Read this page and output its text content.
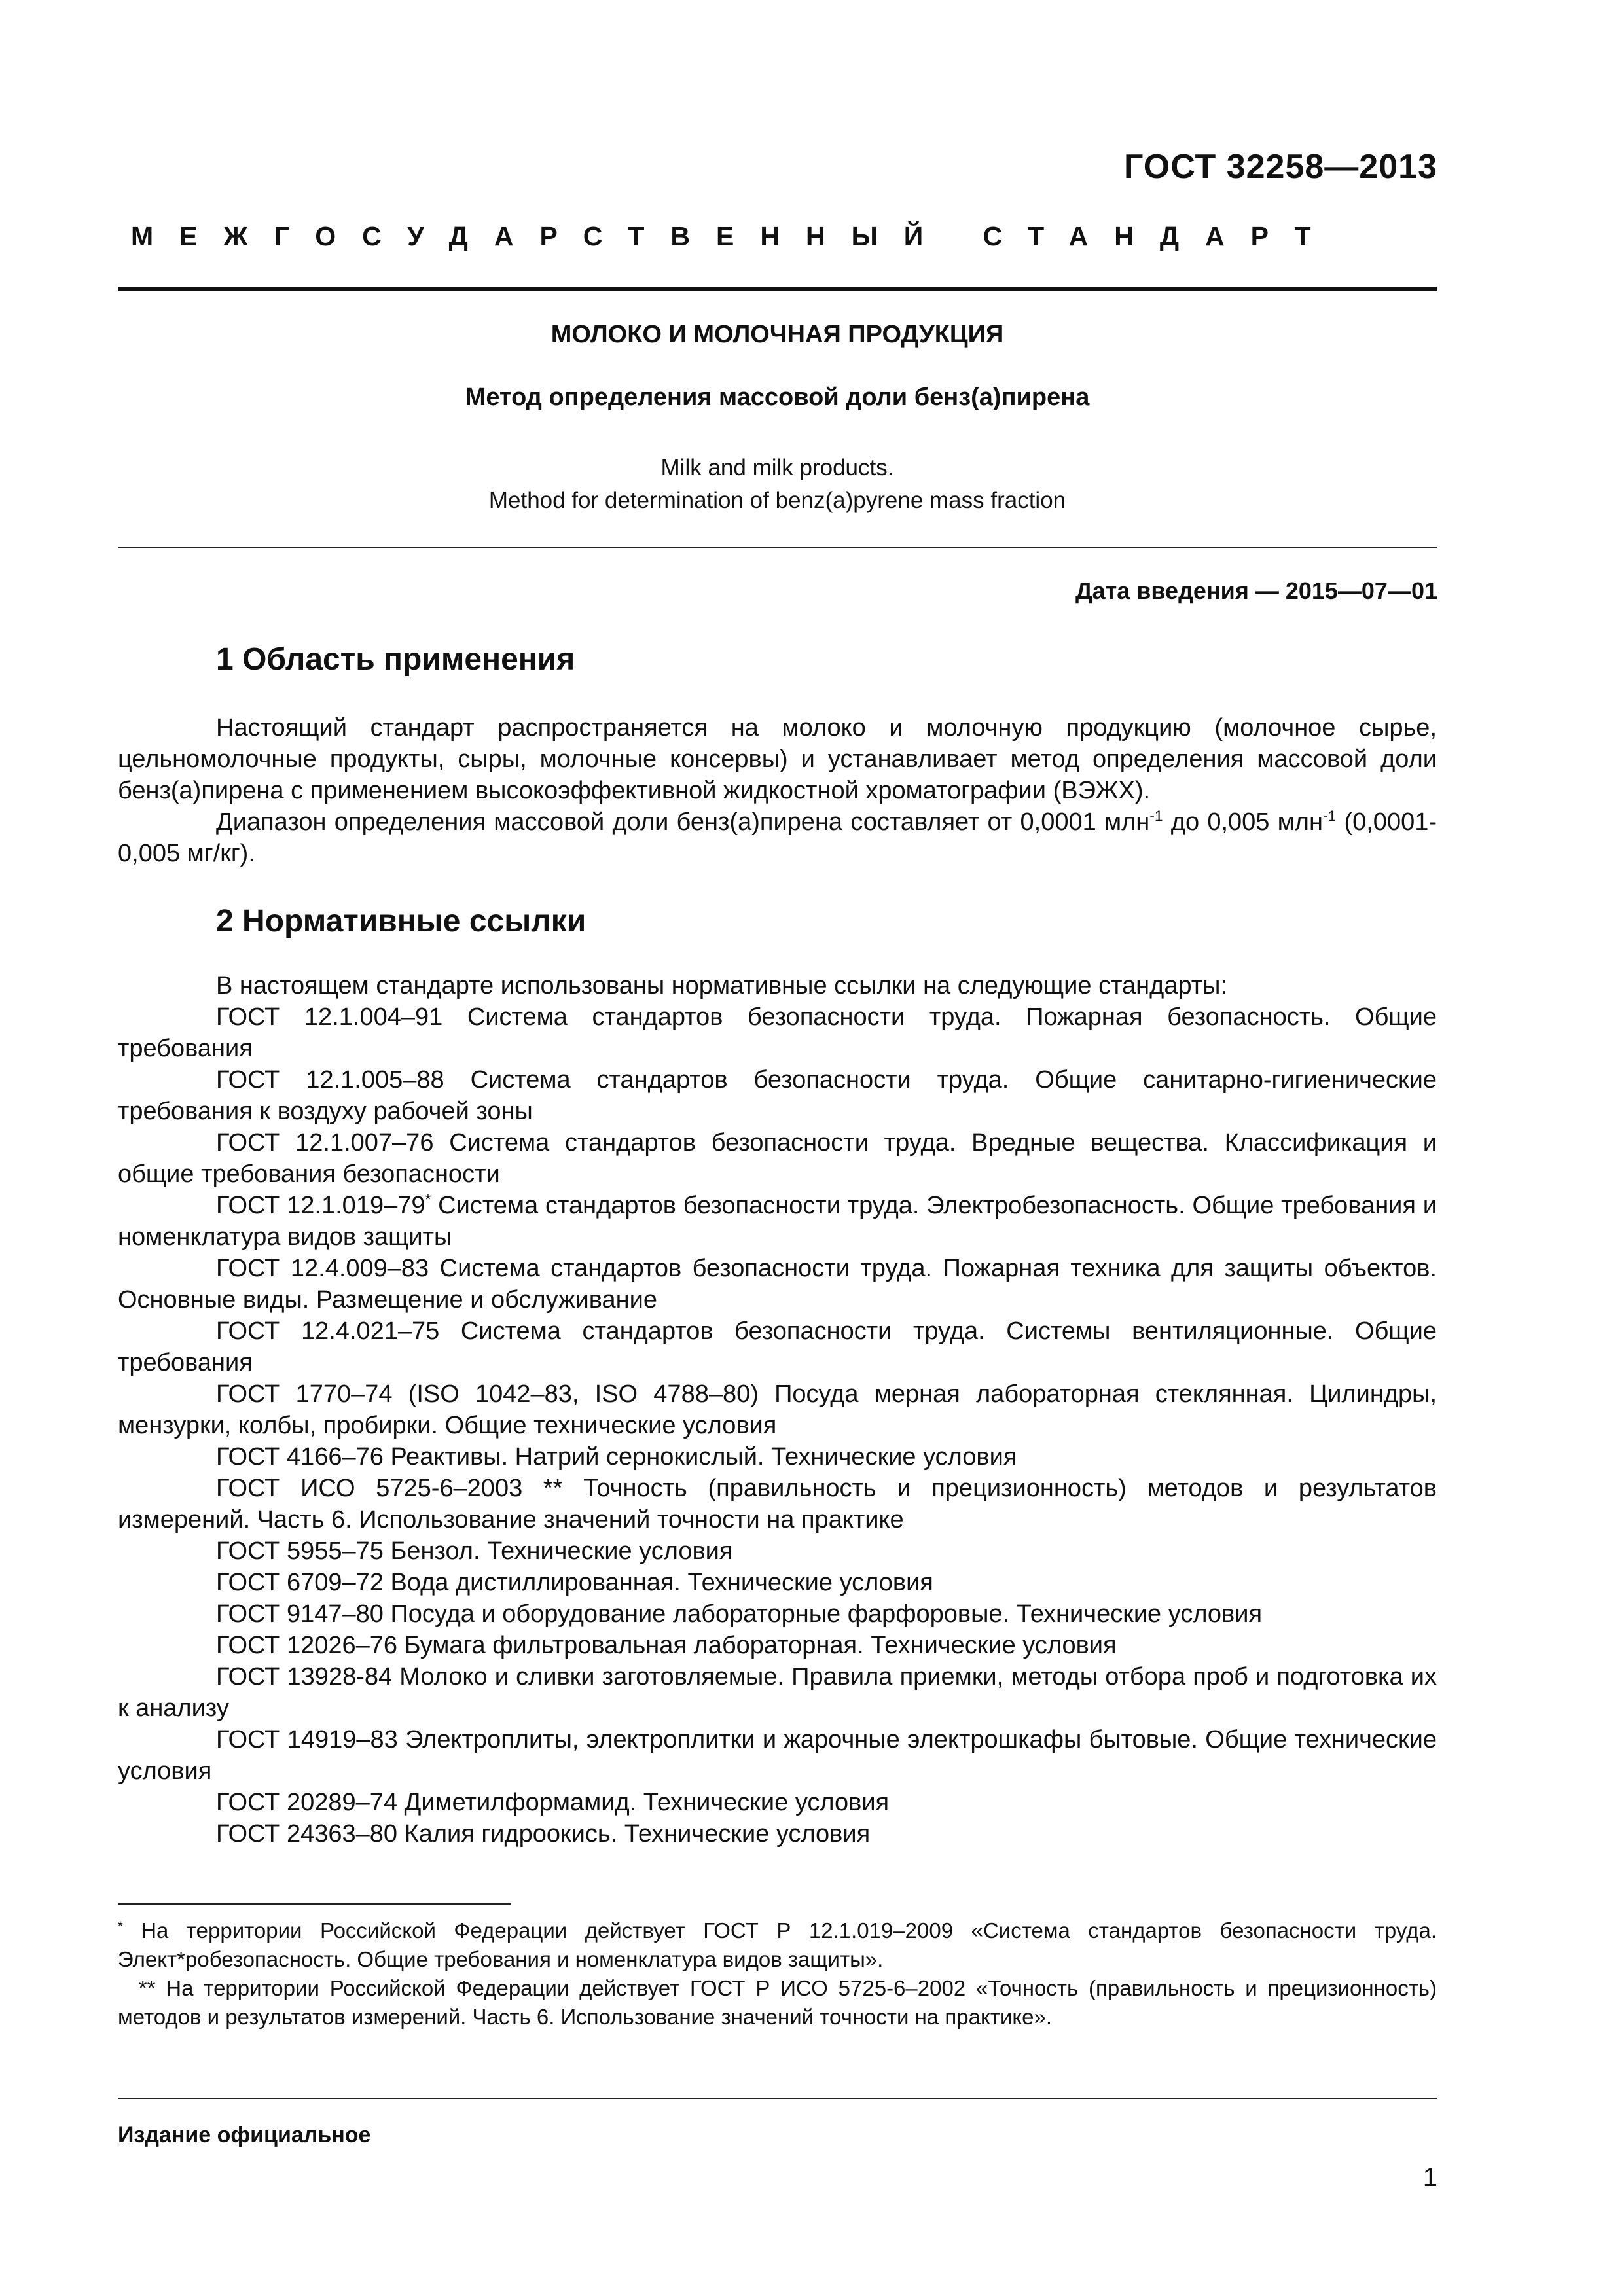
ГОСТ 32258—2013
МЕЖГОСУДАРСТВЕННЫЙ СТАНДАРТ
МОЛОКО И МОЛОЧНАЯ ПРОДУКЦИЯ
Метод определения массовой доли бенз(а)пирена
Milk and milk products.
Method for determination of benz(a)pyrene mass fraction
Дата введения — 2015—07—01
1 Область применения

Настоящий стандарт распространяется на молоко и молочную продукцию (молочное сырье, цельномолочные продукты, сыры, молочные консервы) и устанавливает метод определения массовой доли бенз(а)пирена с применением высокоэффективной жидкостной хроматографии (ВЭЖХ).

Диапазон определения массовой доли бенз(а)пирена составляет от 0,0001 млн$^{-1}$ до 0,005 млн$^{-1}$ (0,0001-0,005 мг/кг).

2 Нормативные ссылки

В настоящем стандарте использованы нормативные ссылки на следующие стандарты:

ГОСТ 12.1.004–91 Система стандартов безопасности труда. Пожарная безопасность. Общие требования

ГОСТ 12.1.005–88 Система стандартов безопасности труда. Общие санитарно-гигиенические требования к воздуху рабочей зоны

ГОСТ 12.1.007–76 Система стандартов безопасности труда. Вредные вещества. Классификация и общие требования безопасности

ГОСТ 12.1.019–79* Система стандартов безопасности труда. Электробезопасность. Общие требования и номенклатура видов защиты

ГОСТ 12.4.009–83 Система стандартов безопасности труда. Пожарная техника для защиты объектов. Основные виды. Размещение и обслуживание

ГОСТ 12.4.021–75 Система стандартов безопасности труда. Системы вентиляционные. Общие требования

ГОСТ 1770–74 (ISO 1042–83, ISO 4788–80) Посуда мерная лабораторная стеклянная. Цилиндры, мензурки, колбы, пробирки. Общие технические условия

ГОСТ 4166–76 Реактивы. Натрий сернокислый. Технические условия

ГОСТ ИСО 5725-6–2003 ** Точность (правильность и прецизионность) методов и результатов измерений. Часть 6. Использование значений точности на практике

ГОСТ 5955–75 Бензол. Технические условия

ГОСТ 6709–72 Вода дистиллированная. Технические условия

ГОСТ 9147–80 Посуда и оборудование лабораторные фарфоровые. Технические условия

ГОСТ 12026–76 Бумага фильтровальная лабораторная. Технические условия

ГОСТ 13928-84 Молоко и сливки заготовляемые. Правила приемки, методы отбора проб и подготовка их к анализу

ГОСТ 14919–83 Электроплиты, электроплитки и жарочные электрошкафы бытовые. Общие технические условия

ГОСТ 20289–74 Диметилформамид. Технические условия

ГОСТ 24363–80 Калия гидроокись. Технические условия

* На территории Российской Федерации действует ГОСТ Р 12.1.019–2009 «Система стандартов безопасности труда. Элект*робезопасность. Общие требования и номенклатура видов защиты».

** На территории Российской Федерации действует ГОСТ Р ИСО 5725-6–2002 «Точность (правильность и прецизионность) методов и результатов измерений. Часть 6. Использование значений точности на практике».

Издание официальное
1
